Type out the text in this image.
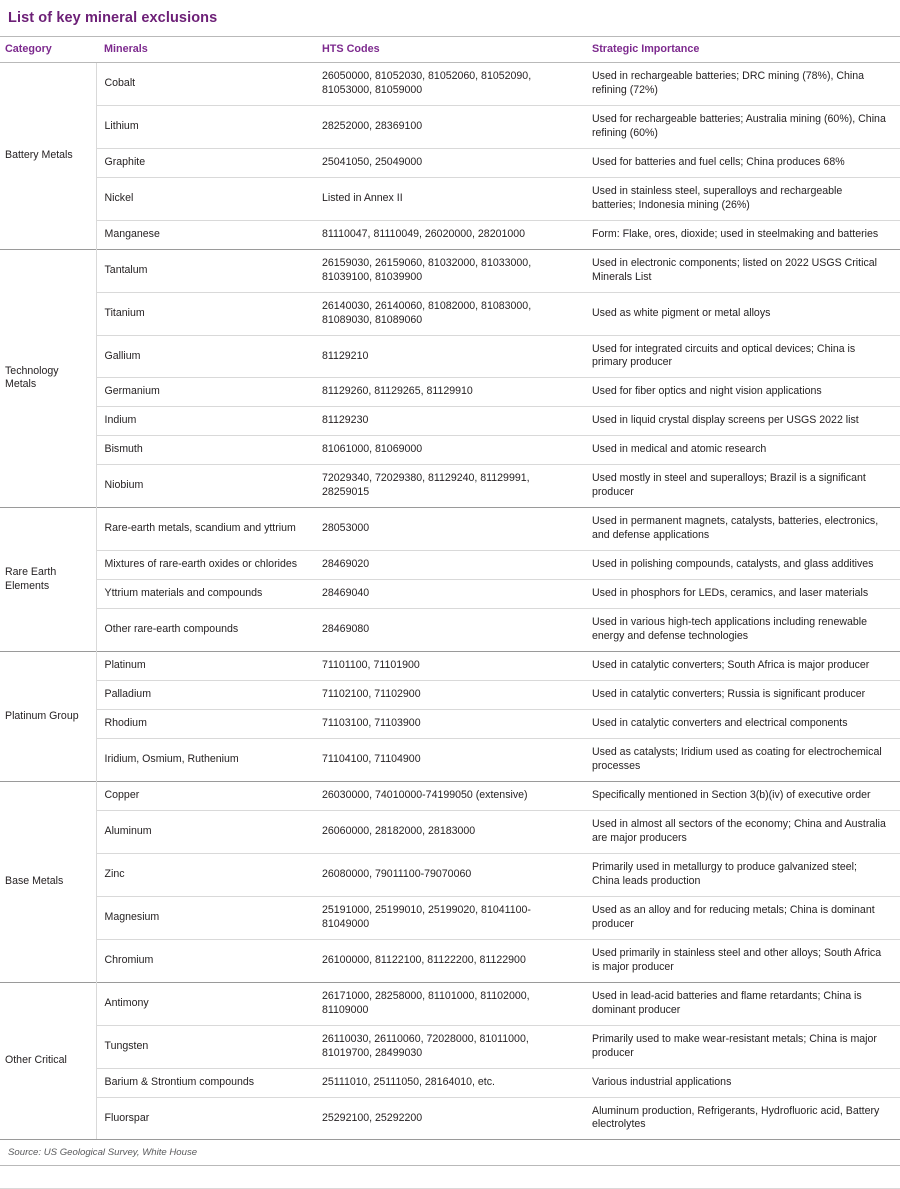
List of key mineral exclusions
Category	Minerals	HTS Codes	Strategic Importance
Battery Metals	Cobalt	26050000, 81052030, 81052060, 81052090, 81053000, 81059000	Used in rechargeable batteries; DRC mining (78%), China refining (72%)
	Lithium	28252000, 28369100	Used for rechargeable batteries; Australia mining (60%), China refining (60%)
	Graphite	25041050, 25049000	Used for batteries and fuel cells; China produces 68%
	Nickel	Listed in Annex II	Used in stainless steel, superalloys and rechargeable batteries; Indonesia mining (26%)
	Manganese	81110047, 81110049, 26020000, 28201000	Form: Flake, ores, dioxide; used in steelmaking and batteries
Technology Metals	Tantalum	26159030, 26159060, 81032000, 81033000, 81039100, 81039900	Used in electronic components; listed on 2022 USGS Critical Minerals List
	Titanium	26140030, 26140060, 81082000, 81083000, 81089030, 81089060	Used as white pigment or metal alloys
	Gallium	81129210	Used for integrated circuits and optical devices; China is primary producer
	Germanium	81129260, 81129265, 81129910	Used for fiber optics and night vision applications
	Indium	81129230	Used in liquid crystal display screens per USGS 2022 list
	Bismuth	81061000, 81069000	Used in medical and atomic research
	Niobium	72029340, 72029380, 81129240, 81129991, 28259015	Used mostly in steel and superalloys; Brazil is a significant producer
Rare Earth Elements	Rare-earth metals, scandium and yttrium	28053000	Used in permanent magnets, catalysts, batteries, electronics, and defense applications
	Mixtures of rare-earth oxides or chlorides	28469020	Used in polishing compounds, catalysts, and glass additives
	Yttrium materials and compounds	28469040	Used in phosphors for LEDs, ceramics, and laser materials
	Other rare-earth compounds	28469080	Used in various high-tech applications including renewable energy and defense technologies
Platinum Group	Platinum	71101100, 71101900	Used in catalytic converters; South Africa is major producer
	Palladium	71102100, 71102900	Used in catalytic converters; Russia is significant producer
	Rhodium	71103100, 71103900	Used in catalytic converters and electrical components
	Iridium, Osmium, Ruthenium	71104100, 71104900	Used as catalysts; Iridium used as coating for electrochemical processes
Base Metals	Copper	26030000, 74010000-74199050 (extensive)	Specifically mentioned in Section 3(b)(iv) of executive order
	Aluminum	26060000, 28182000, 28183000	Used in almost all sectors of the economy; China and Australia are major producers
	Zinc	26080000, 79011100-79070060	Primarily used in metallurgy to produce galvanized steel; China leads production
	Magnesium	25191000, 25199010, 25199020, 81041100-81049000	Used as an alloy and for reducing metals; China is dominant producer
	Chromium	26100000, 81122100, 81122200, 81122900	Used primarily in stainless steel and other alloys; South Africa is major producer
Other Critical	Antimony	26171000, 28258000, 81101000, 81102000, 81109000	Used in lead-acid batteries and flame retardants; China is dominant producer
	Tungsten	26110030, 26110060, 72028000, 81011000, 81019700, 28499030	Primarily used to make wear-resistant metals; China is major producer
	Barium & Strontium compounds	25111010, 25111050, 28164010, etc.	Various industrial applications
	Fluorspar	25292100, 25292200	Aluminum production, Refrigerants, Hydrofluoric acid, Battery electrolytes
Source: US Geological Survey, White House
